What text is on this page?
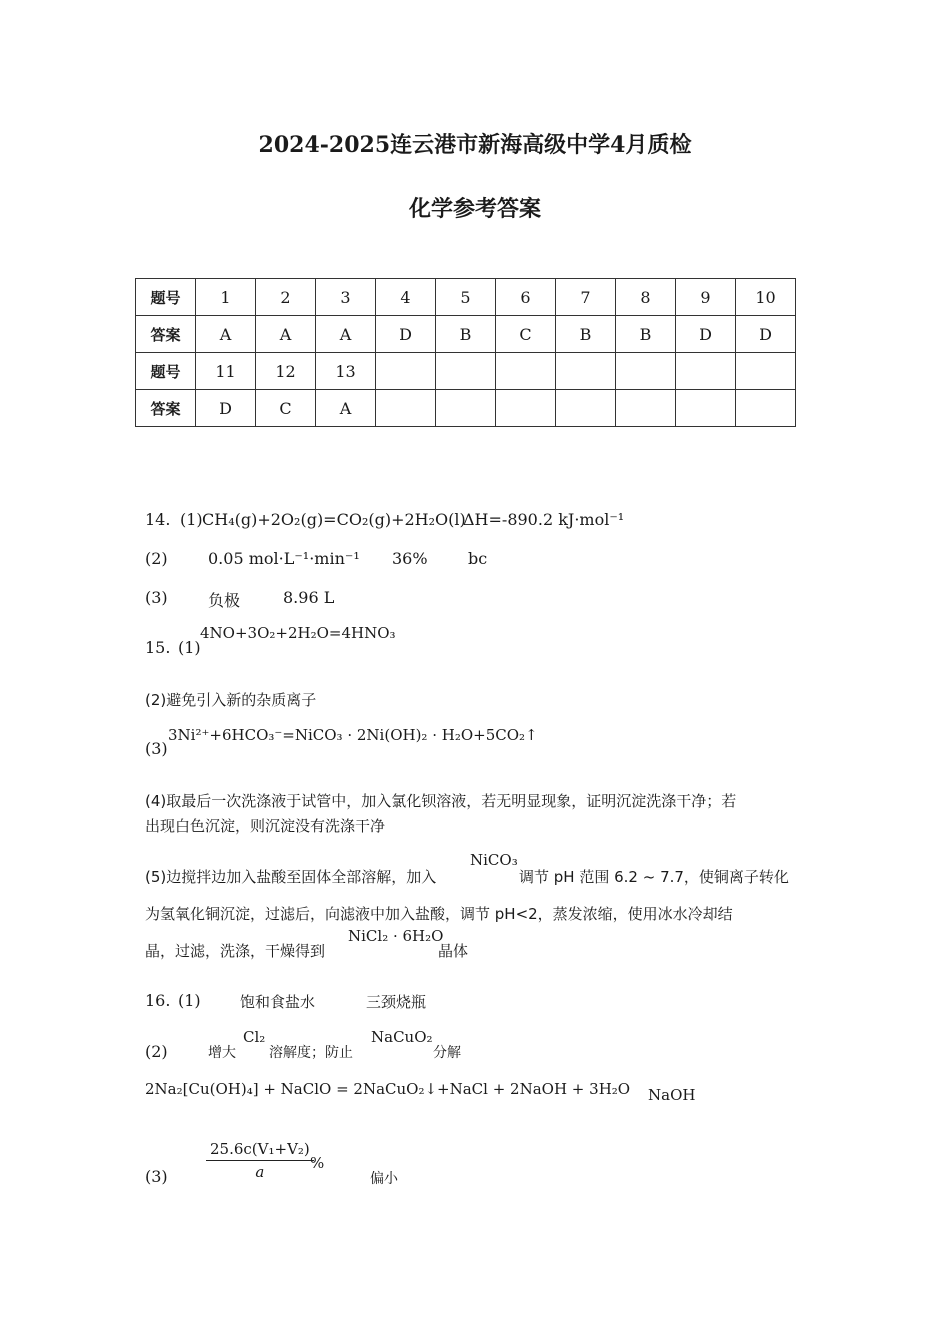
2024-2025连云港市新海高级中学4月质检
化学参考答案
题号	1	2	3	4	5	6	7	8	9	10
答案	A	A	A	D	B	C	B	B	D	D
题号	11	12	13							
答案	D	C	A							
14. (1) CH₄(g)+2O₂(g)=CO₂(g)+2H₂O(l)
ΔH=-890.2 kJ·mol⁻¹
(2)	0.05 mol·L⁻¹·min⁻¹ 36%	bc
(3)	负极	8.96 L
15. (1)
4NO+3O₂+2H₂O=4HNO₃
(2)避免引入新的杂质离子
(3)
3Ni²⁺+6HCO₃⁻=NiCO₃ · 2Ni(OH)₂ · H₂O+5CO₂↑
(4)取最后一次洗涤液于试管中，加入氯化钡溶液，若无明显现象，证明沉淀洗涤干净；若
出现白色沉淀，则沉淀没有洗涤干净
(5)边搅拌边加入盐酸至固体全部溶解，加入
NiCO₃
调节 pH 范围 6.2 ~ 7.7，使铜离子转化
为氢氧化铜沉淀，过滤后，向滤液中加入盐酸，调节 pH<2，蒸发浓缩，使用冰水冷却结
晶，过滤，洗涤，干燥得到
NiCl₂ · 6H₂O
晶体
16. (1)	饱和食盐水	三颈烧瓶
(2)	增大
Cl₂
溶解度；防止
NaCuO₂
分解
2Na₂[Cu(OH)₄] + NaClO = 2NaCuO₂↓+NaCl + 2NaOH + 3H₂O NaOH
(3)	$\frac{\text{25.6c(V₁+V₂)}}{a}$
%
偏小
